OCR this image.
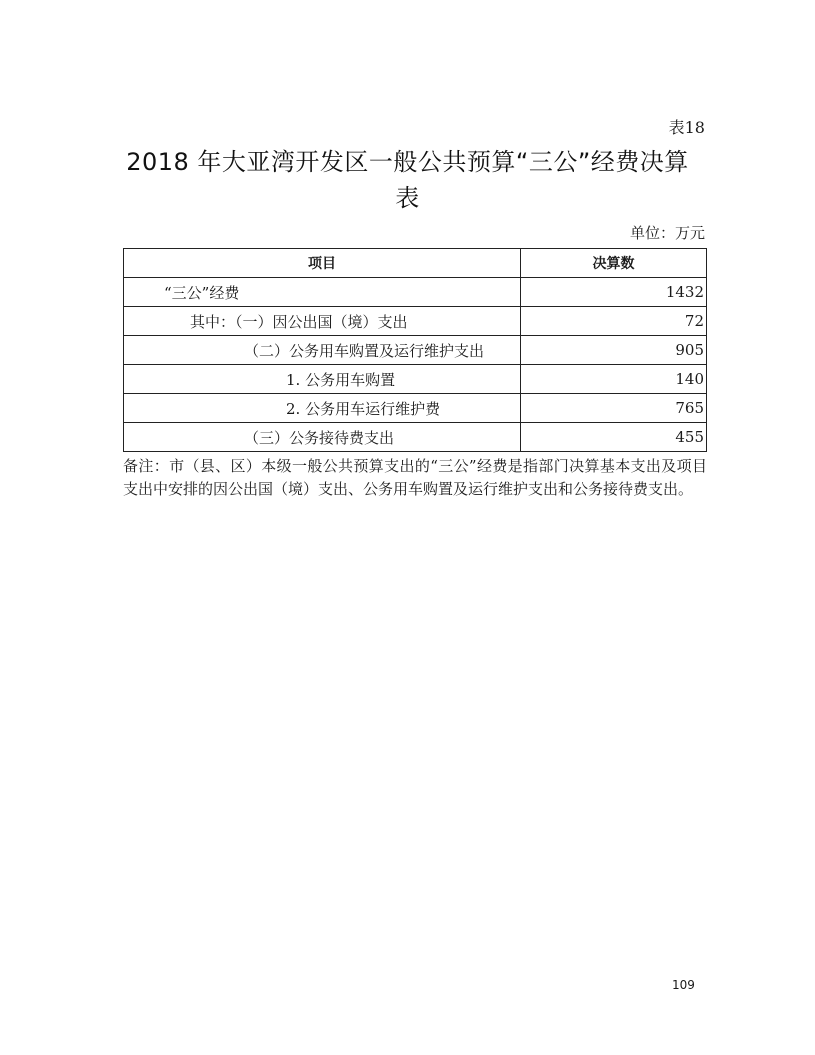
表18
2018 年大亚湾开发区一般公共预算“三公”经费决算
表
单位：万元
项目	决算数
“三公”经费	1432
其中：（一）因公出国（境）支出	72
（二）公务用车购置及运行维护支出	905
1. 公务用车购置	140
2. 公务用车运行维护费	765
（三）公务接待费支出	455
备注：市（县、区）本级一般公共预算支出的“三公”经费是指部门决算基本支出及项目支出中安排的因公出国（境）支出、公务用车购置及运行维护支出和公务接待费支出。
109
